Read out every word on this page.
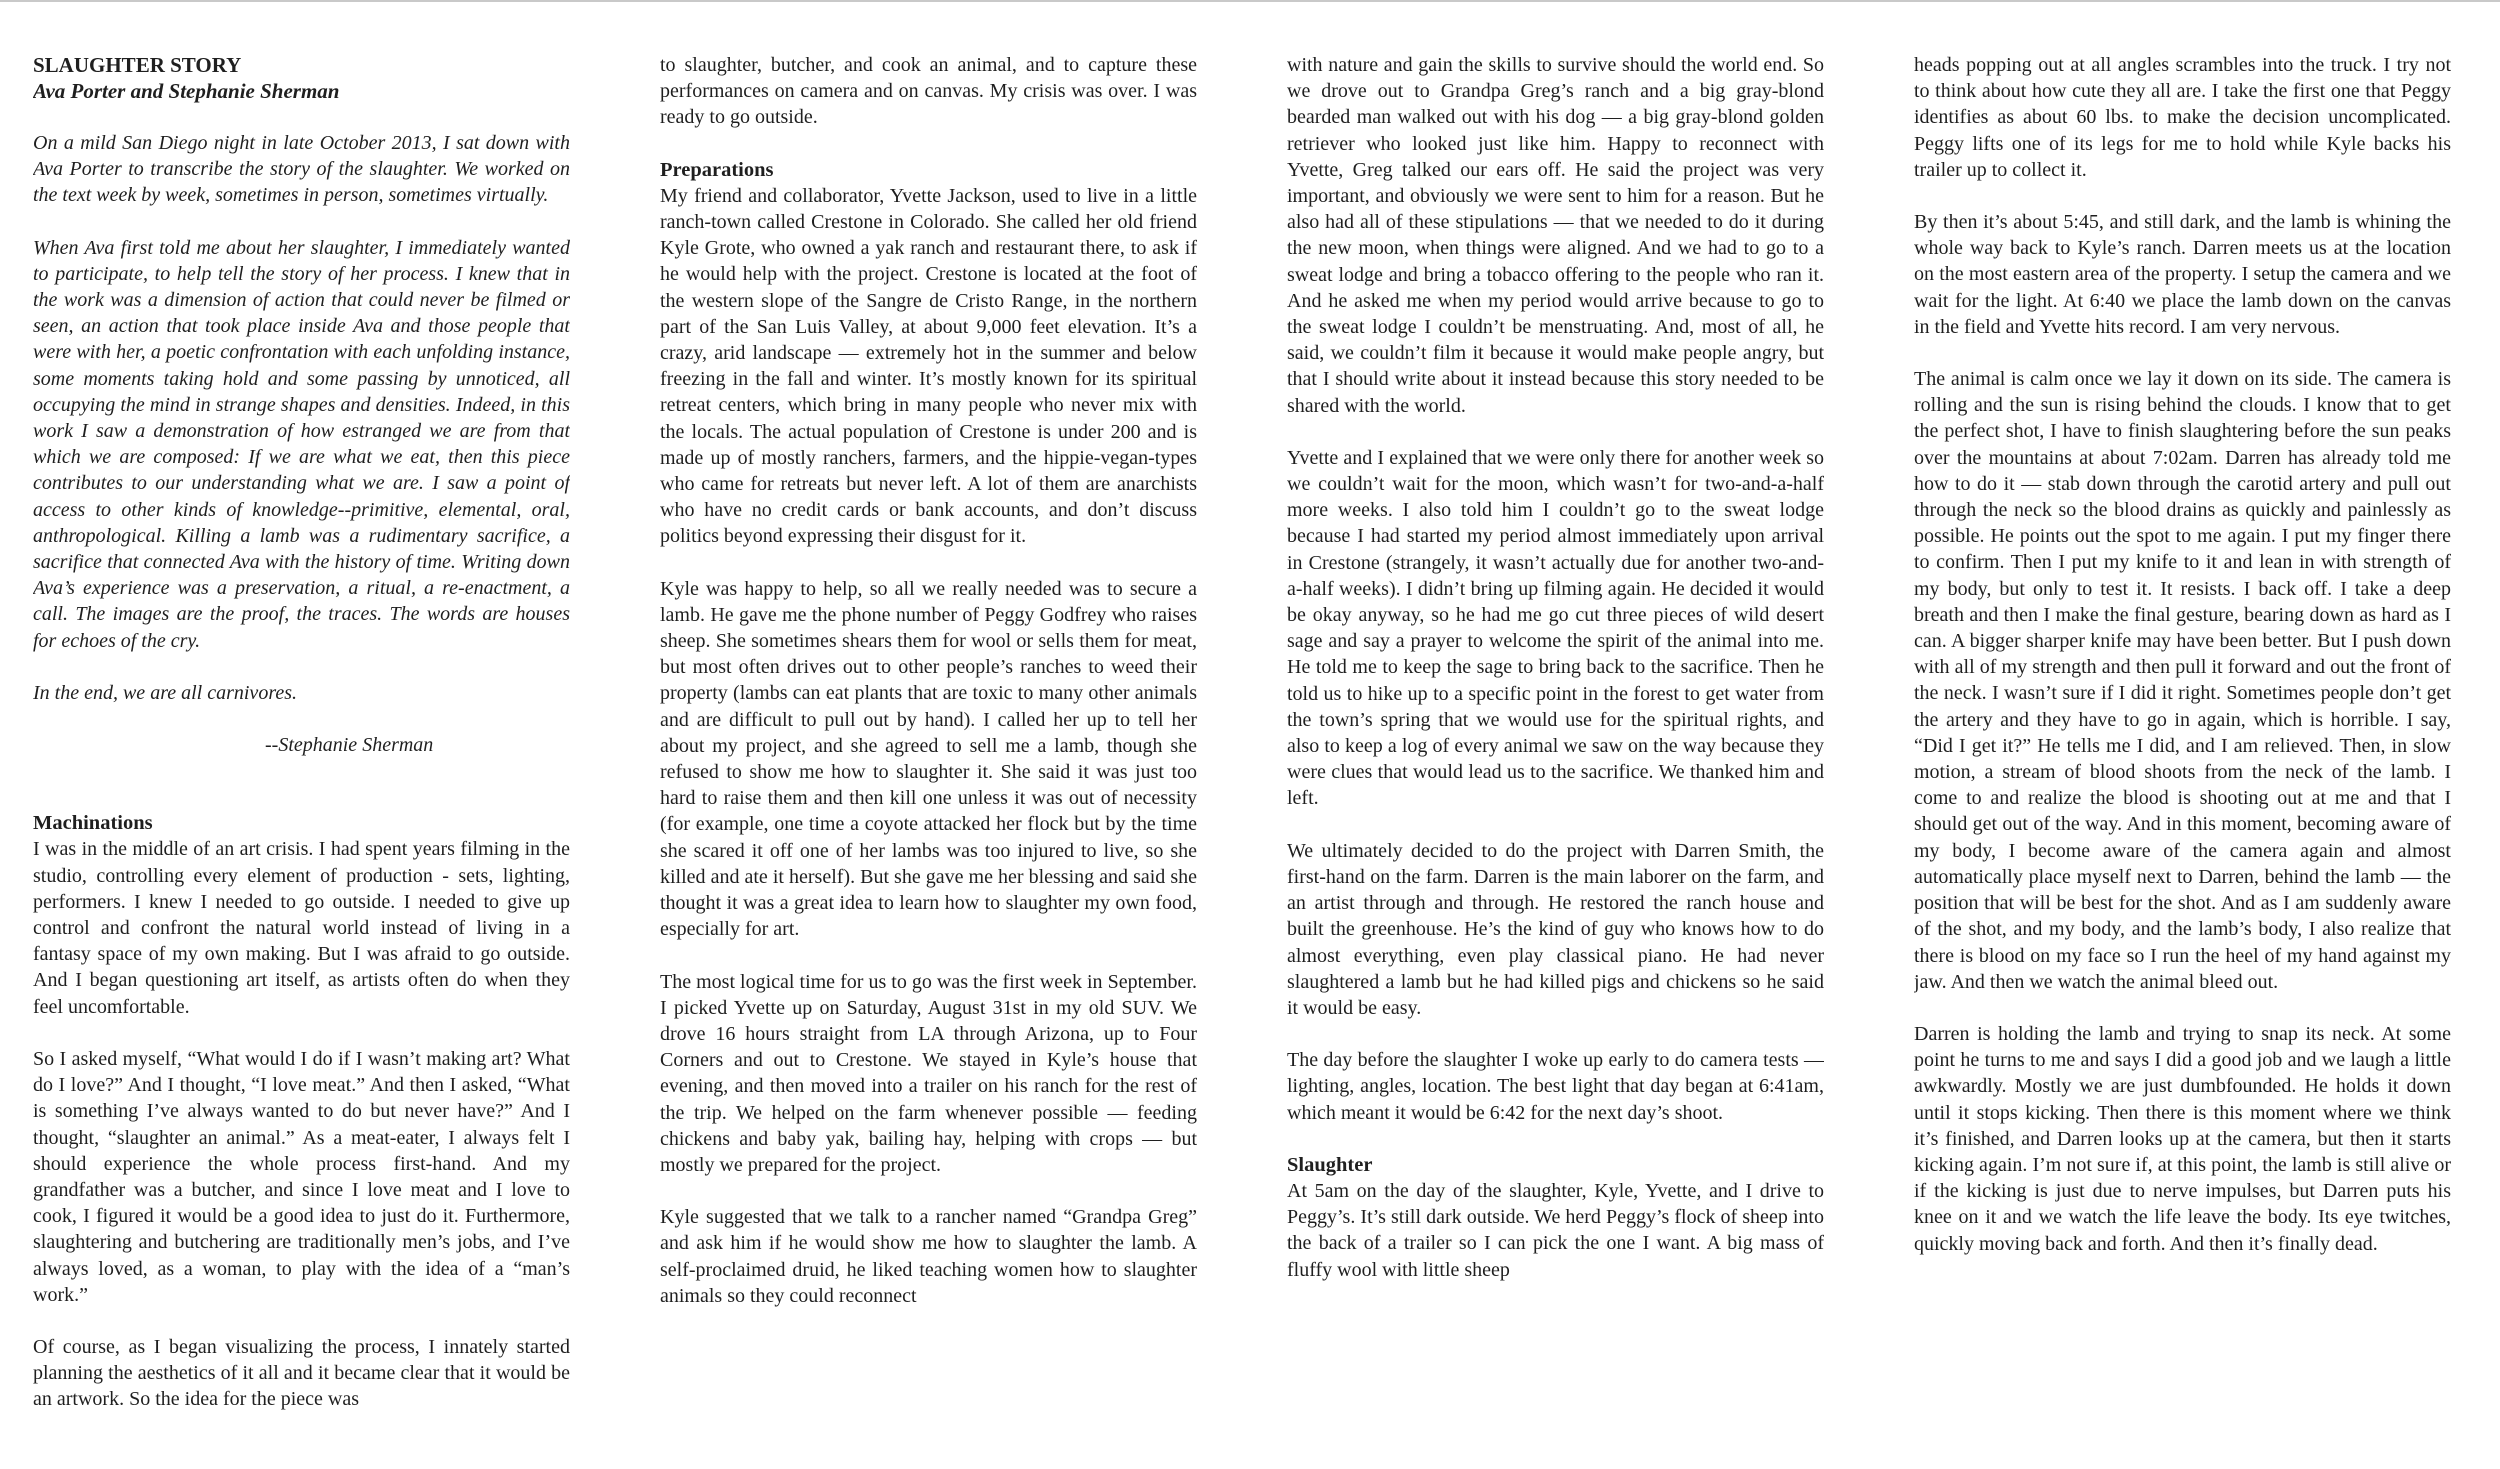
SLAUGHTER STORY

Ava Porter and Stephanie Sherman

On a mild San Diego night in late October 2013, I sat down with Ava Porter to transcribe the story of the slaughter. We worked on the text week by week, sometimes in person, sometimes virtually.

When Ava first told me about her slaughter, I immediately wanted to participate, to help tell the story of her process. I knew that in the work was a dimension of action that could never be filmed or seen, an action that took place inside Ava and those people that were with her, a poetic confrontation with each unfolding instance, some moments taking hold and some passing by unnoticed, all occupying the mind in strange shapes and densities. Indeed, in this work I saw a demonstration of how estranged we are from that which we are composed: If we are what we eat, then this piece contributes to our understanding what we are. I saw a point of access to other kinds of knowledge--primitive, elemental, oral, anthropological. Killing a lamb was a rudimentary sacrifice, a sacrifice that connected Ava with the history of time. Writing down Ava’s experience was a preservation, a ritual, a re-enactment, a call. The images are the proof, the traces. The words are houses for echoes of the cry.

In the end, we are all carnivores.

--Stephanie Sherman

Machinations

I was in the middle of an art crisis. I had spent years filming in the studio, controlling every element of production - sets, lighting, performers. I knew I needed to go outside. I needed to give up control and confront the natural world instead of living in a fantasy space of my own making. But I was afraid to go outside. And I began questioning art itself, as artists often do when they feel uncomfortable.

So I asked myself, “What would I do if I wasn’t making art? What do I love?” And I thought, “I love meat.” And then I asked, “What is something I’ve always wanted to do but never have?” And I thought, “slaughter an animal.” As a meat-eater, I always felt I should experience the whole process first-hand. And my grandfather was a butcher, and since I love meat and I love to cook, I figured it would be a good idea to just do it. Furthermore, slaughtering and butchering are traditionally men’s jobs, and I’ve always loved, as a woman, to play with the idea of a “man’s work.”

Of course, as I began visualizing the process, I innately started planning the aesthetics of it all and it became clear that it would be an artwork. So the idea for the piece was

to slaughter, butcher, and cook an animal, and to capture these performances on camera and on canvas. My crisis was over. I was ready to go outside.

Preparations

My friend and collaborator, Yvette Jackson, used to live in a little ranch-town called Crestone in Colorado. She called her old friend Kyle Grote, who owned a yak ranch and restaurant there, to ask if he would help with the project. Crestone is located at the foot of the western slope of the Sangre de Cristo Range, in the northern part of the San Luis Valley, at about 9,000 feet elevation. It’s a crazy, arid landscape — extremely hot in the summer and below freezing in the fall and winter. It’s mostly known for its spiritual retreat centers, which bring in many people who never mix with the locals. The actual population of Crestone is under 200 and is made up of mostly ranchers, farmers, and the hippie-vegan-types who came for retreats but never left. A lot of them are anarchists who have no credit cards or bank accounts, and don’t discuss politics beyond expressing their disgust for it.

Kyle was happy to help, so all we really needed was to secure a lamb. He gave me the phone number of Peggy Godfrey who raises sheep. She sometimes shears them for wool or sells them for meat, but most often drives out to other people’s ranches to weed their property (lambs can eat plants that are toxic to many other animals and are difficult to pull out by hand). I called her up to tell her about my project, and she agreed to sell me a lamb, though she refused to show me how to slaughter it. She said it was just too hard to raise them and then kill one unless it was out of necessity (for example, one time a coyote attacked her flock but by the time she scared it off one of her lambs was too injured to live, so she killed and ate it herself). But she gave me her blessing and said she thought it was a great idea to learn how to slaughter my own food, especially for art.

The most logical time for us to go was the first week in September. I picked Yvette up on Saturday, August 31st in my old SUV. We drove 16 hours straight from LA through Arizona, up to Four Corners and out to Crestone. We stayed in Kyle’s house that evening, and then moved into a trailer on his ranch for the rest of the trip. We helped on the farm whenever possible — feeding chickens and baby yak, bailing hay, helping with crops — but mostly we prepared for the project.

Kyle suggested that we talk to a rancher named “Grandpa Greg” and ask him if he would show me how to slaughter the lamb. A self-proclaimed druid, he liked teaching women how to slaughter animals so they could reconnect

with nature and gain the skills to survive should the world end. So we drove out to Grandpa Greg’s ranch and a big gray-blond bearded man walked out with his dog — a big gray-blond golden retriever who looked just like him. Happy to reconnect with Yvette, Greg talked our ears off. He said the project was very important, and obviously we were sent to him for a reason. But he also had all of these stipulations — that we needed to do it during the new moon, when things were aligned. And we had to go to a sweat lodge and bring a tobacco offering to the people who ran it. And he asked me when my period would arrive because to go to the sweat lodge I couldn’t be menstruating. And, most of all, he said, we couldn’t film it because it would make people angry, but that I should write about it instead because this story needed to be shared with the world.

Yvette and I explained that we were only there for another week so we couldn’t wait for the moon, which wasn’t for two-and-a-half more weeks. I also told him I couldn’t go to the sweat lodge because I had started my period almost immediately upon arrival in Crestone (strangely, it wasn’t actually due for another two-and-a-half weeks). I didn’t bring up filming again. He decided it would be okay anyway, so he had me go cut three pieces of wild desert sage and say a prayer to welcome the spirit of the animal into me. He told me to keep the sage to bring back to the sacrifice. Then he told us to hike up to a specific point in the forest to get water from the town’s spring that we would use for the spiritual rights, and also to keep a log of every animal we saw on the way because they were clues that would lead us to the sacrifice. We thanked him and left.

We ultimately decided to do the project with Darren Smith, the first-hand on the farm. Darren is the main laborer on the farm, and an artist through and through. He restored the ranch house and built the greenhouse. He’s the kind of guy who knows how to do almost everything, even play classical piano. He had never slaughtered a lamb but he had killed pigs and chickens so he said it would be easy.

The day before the slaughter I woke up early to do camera tests — lighting, angles, location. The best light that day began at 6:41am, which meant it would be 6:42 for the next day’s shoot.

Slaughter

At 5am on the day of the slaughter, Kyle, Yvette, and I drive to Peggy’s. It’s still dark outside. We herd Peggy’s flock of sheep into the back of a trailer so I can pick the one I want. A big mass of fluffy wool with little sheep

heads popping out at all angles scrambles into the truck. I try not to think about how cute they all are. I take the first one that Peggy identifies as about 60 lbs. to make the decision uncomplicated. Peggy lifts one of its legs for me to hold while Kyle backs his trailer up to collect it.

By then it’s about 5:45, and still dark, and the lamb is whining the whole way back to Kyle’s ranch. Darren meets us at the location on the most eastern area of the property. I setup the camera and we wait for the light. At 6:40 we place the lamb down on the canvas in the field and Yvette hits record. I am very nervous.

The animal is calm once we lay it down on its side. The camera is rolling and the sun is rising behind the clouds. I know that to get the perfect shot, I have to finish slaughtering before the sun peaks over the mountains at about 7:02am. Darren has already told me how to do it — stab down through the carotid artery and pull out through the neck so the blood drains as quickly and painlessly as possible. He points out the spot to me again. I put my finger there to confirm. Then I put my knife to it and lean in with strength of my body, but only to test it. It resists. I back off. I take a deep breath and then I make the final gesture, bearing down as hard as I can. A bigger sharper knife may have been better. But I push down with all of my strength and then pull it forward and out the front of the neck. I wasn’t sure if I did it right. Sometimes people don’t get the artery and they have to go in again, which is horrible. I say, “Did I get it?” He tells me I did, and I am relieved. Then, in slow motion, a stream of blood shoots from the neck of the lamb. I come to and realize the blood is shooting out at me and that I should get out of the way. And in this moment, becoming aware of my body, I become aware of the camera again and almost automatically place myself next to Darren, behind the lamb — the position that will be best for the shot. And as I am suddenly aware of the shot, and my body, and the lamb’s body, I also realize that there is blood on my face so I run the heel of my hand against my jaw. And then we watch the animal bleed out.

Darren is holding the lamb and trying to snap its neck. At some point he turns to me and says I did a good job and we laugh a little awkwardly. Mostly we are just dumbfounded. He holds it down until it stops kicking. Then there is this moment where we think it’s finished, and Darren looks up at the camera, but then it starts kicking again. I’m not sure if, at this point, the lamb is still alive or if the kicking is just due to nerve impulses, but Darren puts his knee on it and we watch the life leave the body. Its eye twitches, quickly moving back and forth. And then it’s finally dead.
